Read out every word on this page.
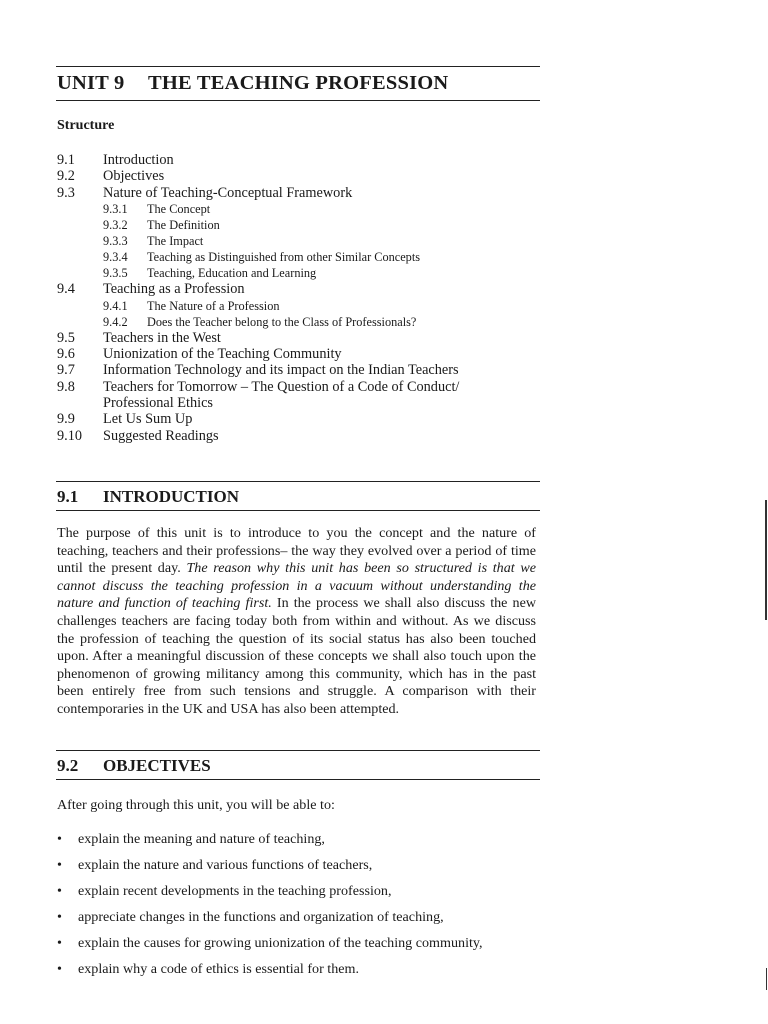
UNIT 9 THE TEACHING PROFESSION
Structure
9.1 Introduction
9.2 Objectives
9.3 Nature of Teaching-Conceptual Framework
9.3.1 The Concept
9.3.2 The Definition
9.3.3 The Impact
9.3.4 Teaching as Distinguished from other Similar Concepts
9.3.5 Teaching, Education and Learning
9.4 Teaching as a Profession
9.4.1 The Nature of a Profession
9.4.2 Does the Teacher belong to the Class of Professionals?
9.5 Teachers in the West
9.6 Unionization of the Teaching Community
9.7 Information Technology and its impact on the Indian Teachers
9.8 Teachers for Tomorrow – The Question of a Code of Conduct/
Professional Ethics
9.9 Let Us Sum Up
9.10 Suggested Readings
9.1 INTRODUCTION

The purpose of this unit is to introduce to you the concept and the nature of teaching, teachers and their professions– the way they evolved over a period of time until the present day. The reason why this unit has been so structured is that we cannot discuss the teaching profession in a vacuum without understanding the nature and function of teaching first. In the process we shall also discuss the new challenges teachers are facing today both from within and without. As we discuss the profession of teaching the question of its social status has also been touched upon. After a meaningful discussion of these concepts we shall also touch upon the phenomenon of growing militancy among this community, which has in the past been entirely free from such tensions and struggle. A comparison with their contemporaries in the UK and USA has also been attempted.

9.2 OBJECTIVES
After going through this unit, you will be able to:
• explain the meaning and nature of teaching,
• explain the nature and various functions of teachers,
• explain recent developments in the teaching profession,
• appreciate changes in the functions and organization of teaching,
• explain the causes for growing unionization of the teaching community,
• explain why a code of ethics is essential for them.
